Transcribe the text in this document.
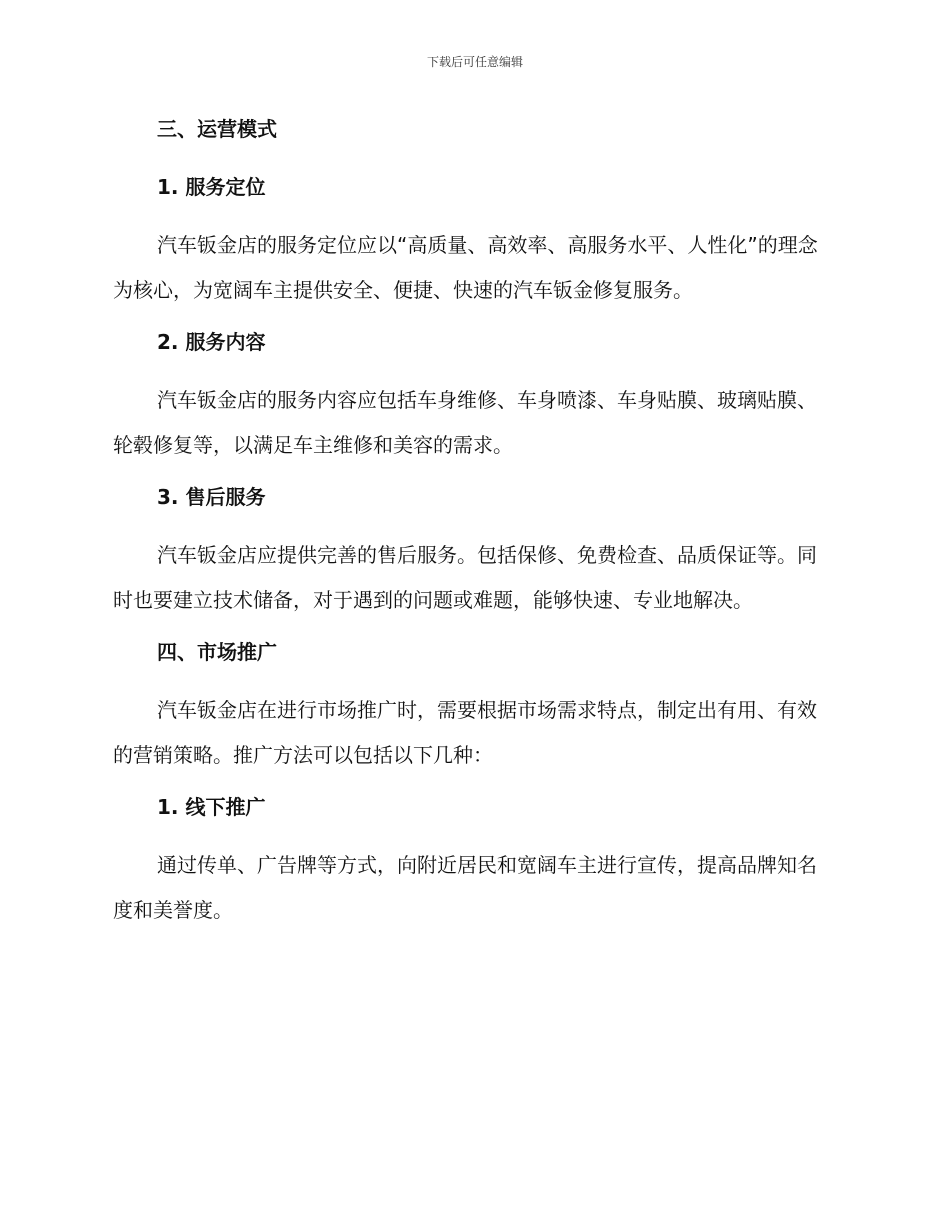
下载后可任意编辑
三、运营模式
1. 服务定位

汽车钣金店的服务定位应以“高质量、高效率、高服务水平、人性化”的理念为核心，为宽阔车主提供安全、便捷、快速的汽车钣金修复服务。

2. 服务内容

汽车钣金店的服务内容应包括车身维修、车身喷漆、车身贴膜、玻璃贴膜、轮毂修复等，以满足车主维修和美容的需求。

3. 售后服务

汽车钣金店应提供完善的售后服务。包括保修、免费检查、品质保证等。同时也要建立技术储备，对于遇到的问题或难题，能够快速、专业地解决。

四、市场推广

汽车钣金店在进行市场推广时，需要根据市场需求特点，制定出有用、有效的营销策略。推广方法可以包括以下几种：

1. 线下推广

通过传单、广告牌等方式，向附近居民和宽阔车主进行宣传，提高品牌知名度和美誉度。
